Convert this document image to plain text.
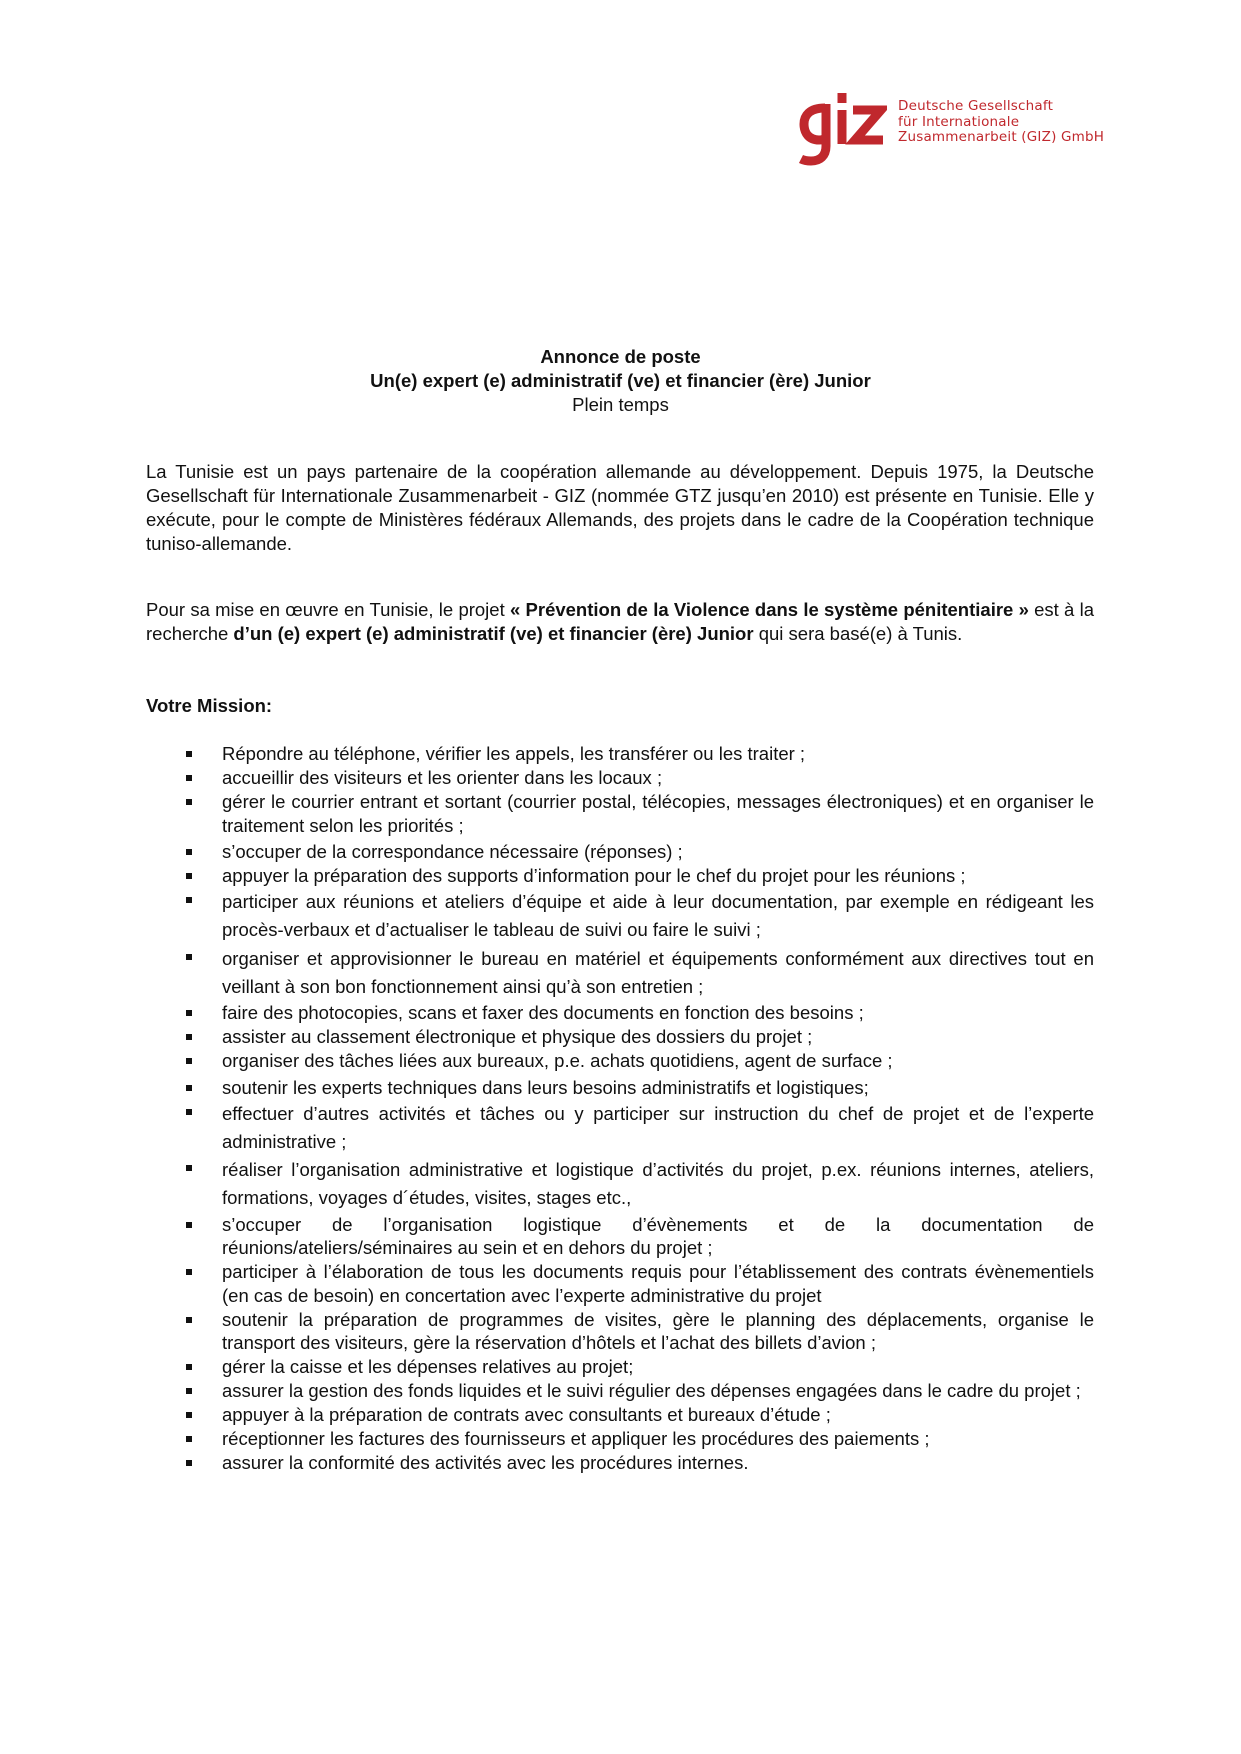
Deutsche Gesellschaft
für Internationale
Zusammenarbeit (GIZ) GmbH
Annonce de poste
Un(e) expert (e) administratif (ve) et financier (ère) Junior
Plein temps
La Tunisie est un pays partenaire de la coopération allemande au développement. Depuis 1975, la Deutsche Gesellschaft für Internationale Zusammenarbeit - GIZ (nommée GTZ jusqu’en 2010) est présente en Tunisie. Elle y exécute, pour le compte de Ministères fédéraux Allemands, des projets dans le cadre de la Coopération technique tuniso-allemande.
Pour sa mise en œuvre en Tunisie, le projet « Prévention de la Violence dans le système pénitentiaire » est à la recherche d’un (e) expert (e) administratif (ve) et financier (ère) Junior qui sera basé(e) à Tunis.
Votre Mission:
Répondre au téléphone, vérifier les appels, les transférer ou les traiter ;
accueillir des visiteurs et les orienter dans les locaux ;
gérer le courrier entrant et sortant (courrier postal, télécopies, messages électroniques) et en organiser le traitement selon les priorités ;
s’occuper de la correspondance nécessaire (réponses) ;
appuyer la préparation des supports d’information pour le chef du projet pour les réunions ;
participer aux réunions et ateliers d’équipe et aide à leur documentation, par exemple en rédigeant les procès-verbaux et d’actualiser le tableau de suivi ou faire le suivi ;
organiser et approvisionner le bureau en matériel et équipements conformément aux directives tout en veillant à son bon fonctionnement ainsi qu’à son entretien ;
faire des photocopies, scans et faxer des documents en fonction des besoins ;
assister au classement électronique et physique des dossiers du projet ;
organiser des tâches liées aux bureaux, p.e. achats quotidiens, agent de surface ;
soutenir les experts techniques dans leurs besoins administratifs et logistiques;
effectuer d’autres activités et tâches ou y participer sur instruction du chef de projet et de l’experte administrative ;
réaliser l’organisation administrative et logistique d’activités du projet, p.ex. réunions internes, ateliers, formations, voyages d´études, visites, stages etc.,
s’occuper de l’organisation logistique d’évènements et de la documentation de réunions/ateliers/séminaires au sein et en dehors du projet ;
participer à l’élaboration de tous les documents requis pour l’établissement des contrats évènementiels (en cas de besoin) en concertation avec l’experte administrative du projet
soutenir la préparation de programmes de visites, gère le planning des déplacements, organise le transport des visiteurs, gère la réservation d’hôtels et l’achat des billets d’avion ;
gérer la caisse et les dépenses relatives au projet;
assurer la gestion des fonds liquides et le suivi régulier des dépenses engagées dans le cadre du projet ;
appuyer à la préparation de contrats avec consultants et bureaux d’étude ;
réceptionner les factures des fournisseurs et appliquer les procédures des paiements ;
assurer la conformité des activités avec les procédures internes.
